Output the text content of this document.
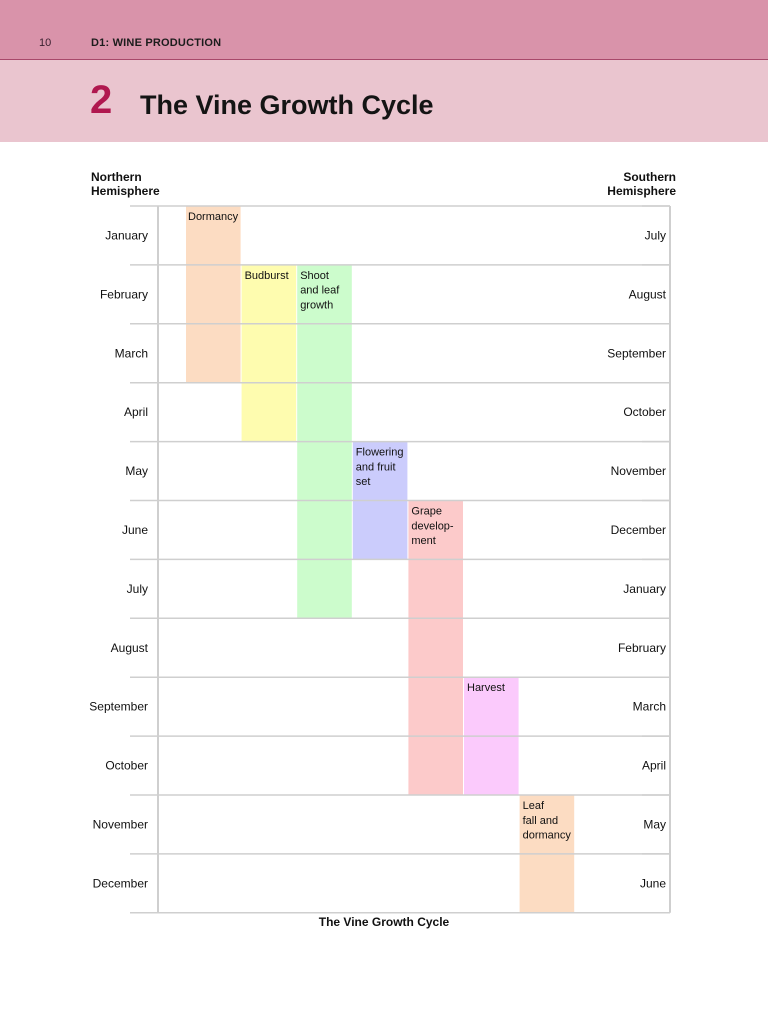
10	D1: WINE PRODUCTION
2 The Vine Growth Cycle
Northern
Hemisphere
Southern
Hemisphere
January
February
March
April
May
June
July
August
September
October
November
December
July
August
September
October
November
December
January
February
March
April
May
June
Dormancy
Budburst Shoot
and leaf
growth
Flowering
and fruit
set
Grape
develop-
ment
Harvest
Leaf
fall and
dormancy
The Vine Growth Cycle
